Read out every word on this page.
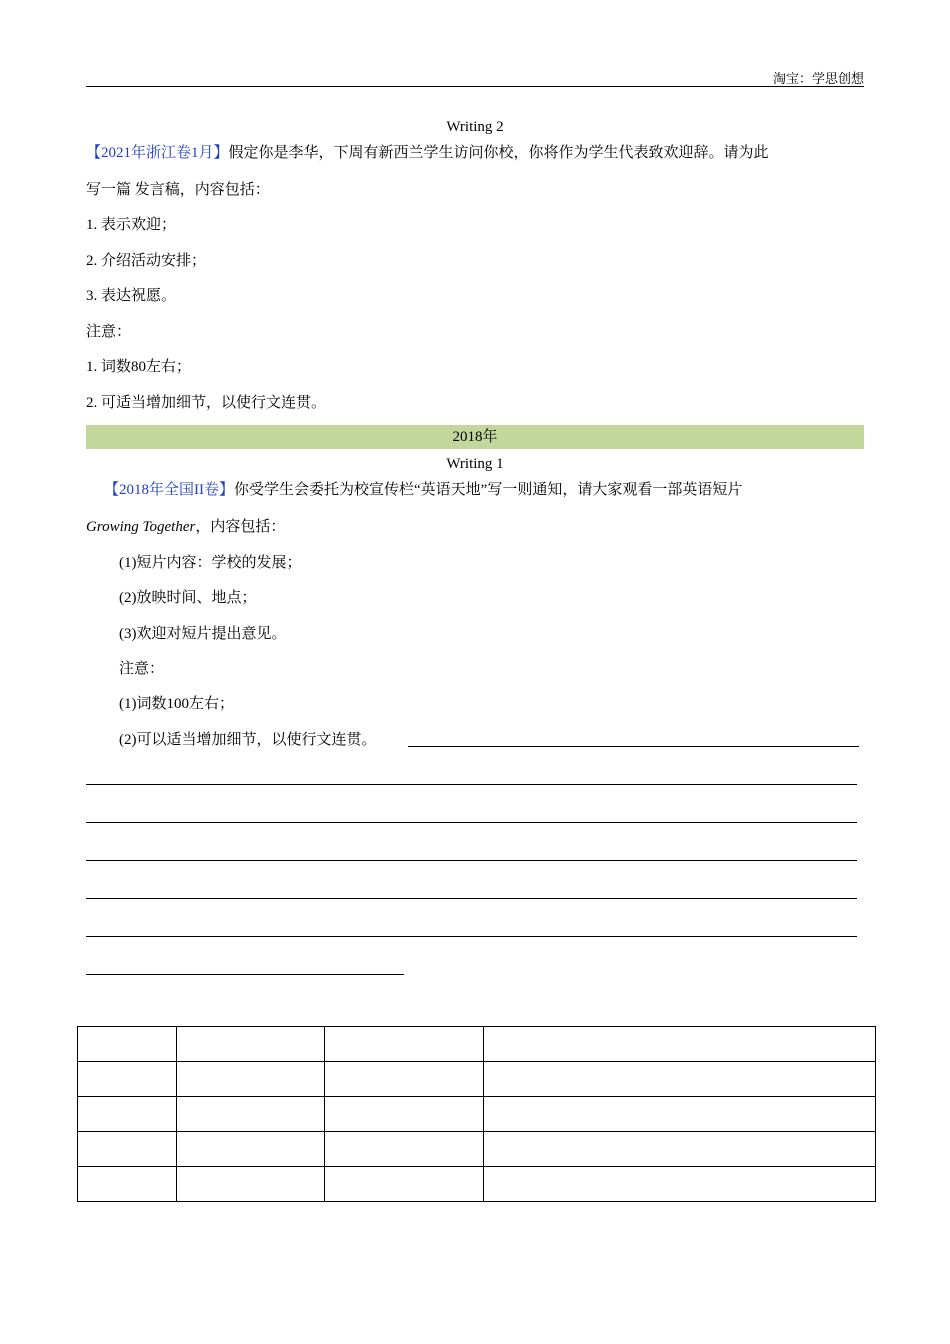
淘宝：学思创想
Writing 2
【2021年浙江卷1月】假定你是李华，下周有新西兰学生访问你校，你将作为学生代表致欢迎辞。请为此
写一篇 发言稿，内容包括：
1. 表示欢迎；
2. 介绍活动安排；
3. 表达祝愿。
注意：
1. 词数80左右；
2. 可适当增加细节，以使行文连贯。
2018年
Writing 1
【2018年全国II卷】你受学生会委托为校宣传栏“英语天地”写一则通知，请大家观看一部英语短片
Growing Together，内容包括：
(1)短片内容：学校的发展；
(2)放映时间、地点；
(3)欢迎对短片提出意见。
注意：
(1)词数100左右；
(2)可以适当增加细节，以使行文连贯。
